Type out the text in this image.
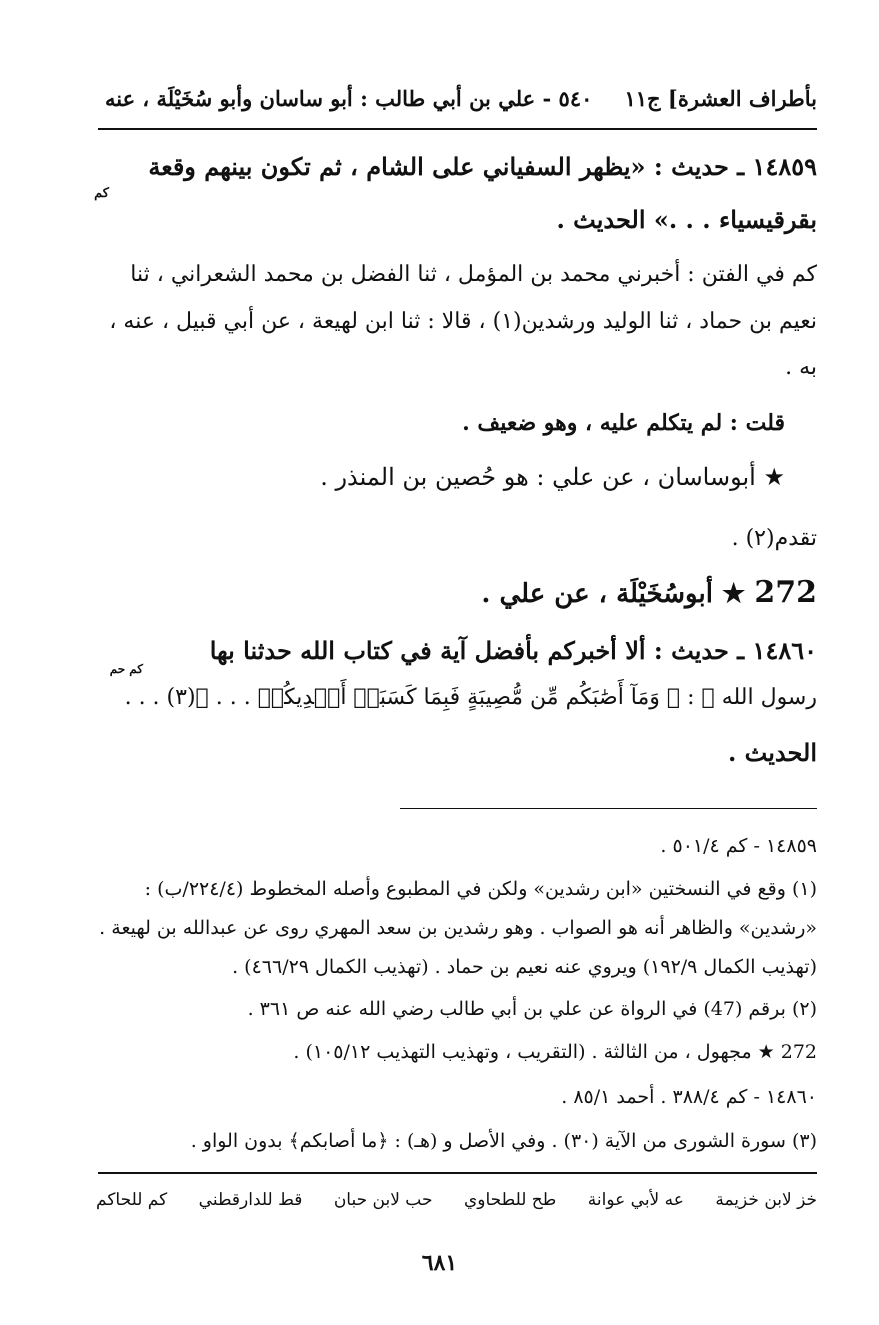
بأطراف العشرة] ج١١
٥٤٠ - علي بن أبي طالب : أبو ساسان وأبو سُخَيْلَة ، عنه
١٤٨٥٩ ـ حديث : «يظهر السفياني على الشام ، ثم تكون بينهم وقعة
كم
بقرقيسياء . . .» الحديث .
كم في الفتن : أخبرني محمد بن المؤمل ، ثنا الفضل بن محمد الشعراني ، ثنا
نعيم بن حماد ، ثنا الوليد ورشدين(١) ، قالا : ثنا ابن لهيعة ، عن أبي قبيل ، عنه ،
به .
قلت : لم يتكلم عليه ، وهو ضعيف .
★ أبوساسان ، عن علي : هو حُصين بن المنذر .
تقدم(٢) .
272 ★ أبوسُخَيْلَة ، عن علي .
١٤٨٦٠ ـ حديث : ألا أخبركم بأفضل آية في كتاب الله حدثنا بها
كم حم
رسول الله ﷺ : ﴿ وَمَآ أَصَٰبَكُم مِّن مُّصِيبَةٍ فَبِمَا كَسَبَتۡ أَيۡدِيكُمۡ . . . ﴾(٣) . . .
الحديث .
١٤٨٥٩ - كم ٥٠١/٤ .
(١) وقع في النسختين «ابن رشدين» ولكن في المطبوع وأصله المخطوط (٢٢٤/٤/ب) :
«رشدين» والظاهر أنه هو الصواب . وهو رشدين بن سعد المهري روى عن عبدالله بن لهيعة .
(تهذيب الكمال ١٩٢/٩) ويروي عنه نعيم بن حماد . (تهذيب الكمال ٤٦٦/٢٩) .
(٢) برقم (47) في الرواة عن علي بن أبي طالب رضي الله عنه ص ٣٦١ .
272 ★ مجهول ، من الثالثة . (التقريب ، وتهذيب التهذيب ١٠٥/١٢) .
١٤٨٦٠ - كم ٣٨٨/٤ . أحمد ٨٥/١ .
(٣) سورة الشورى من الآية (٣٠) . وفي الأصل و (هـ) : ﴿ما أصابكم﴾ بدون الواو .
خز لابن خزيمة
عه لأبي عوانة
طح للطحاوي
حب لابن حبان
قط للدارقطني
كم للحاكم
٦٨١
